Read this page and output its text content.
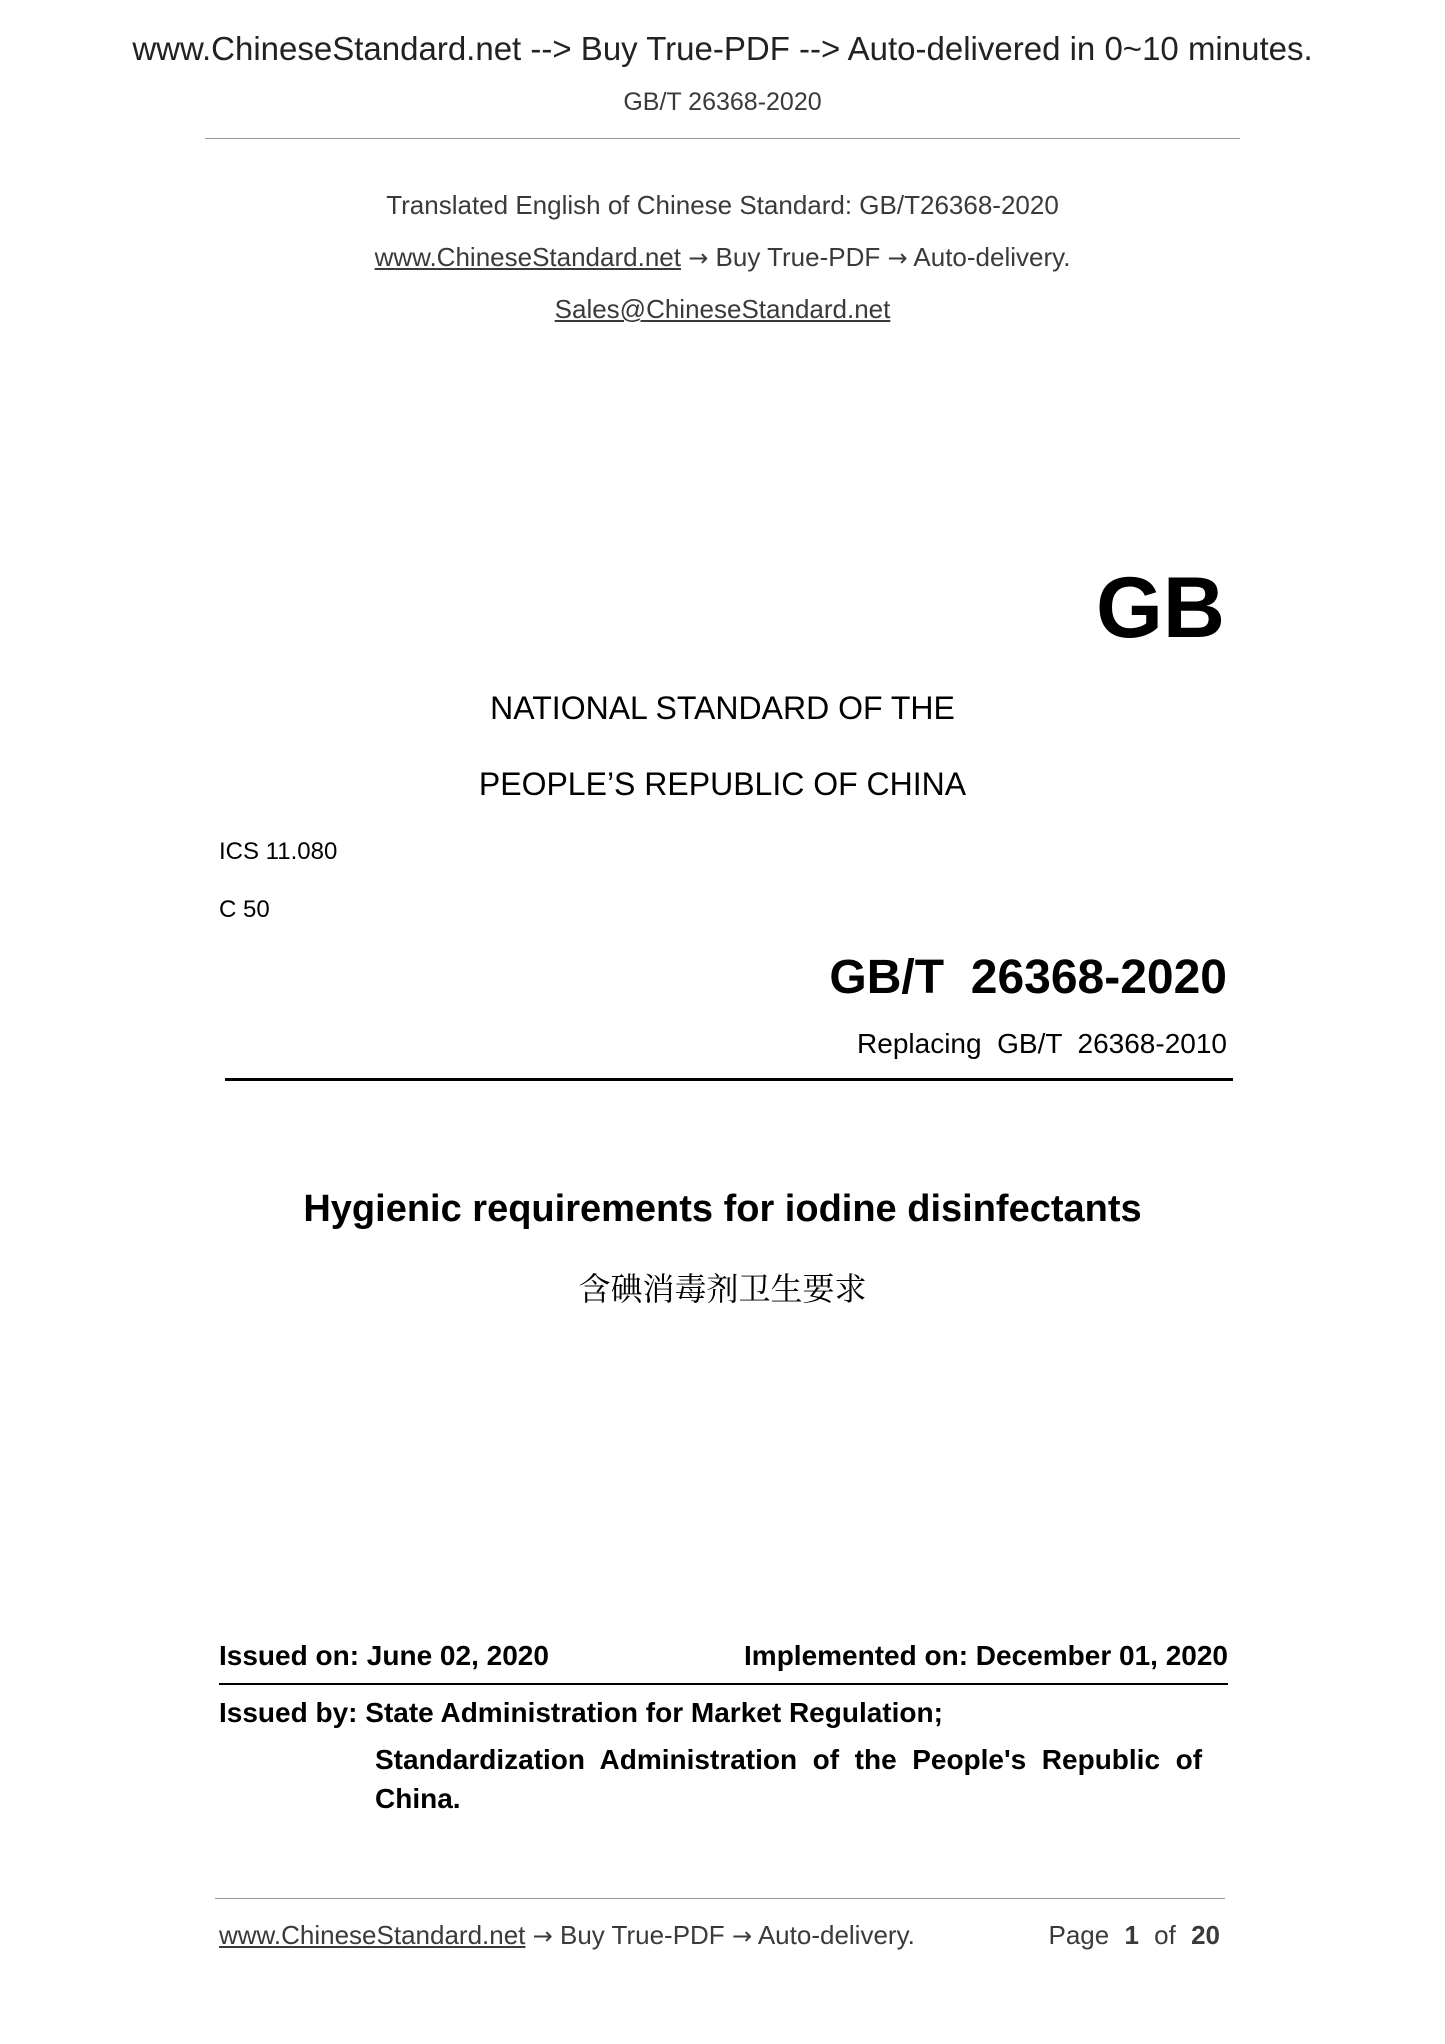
www.ChineseStandard.net --> Buy True-PDF --> Auto-delivered in 0~10 minutes.
GB/T 26368-2020
Translated English of Chinese Standard: GB/T26368-2020
www.ChineseStandard.net → Buy True-PDF → Auto-delivery.
Sales@ChineseStandard.net
GB
NATIONAL STANDARD OF THE
PEOPLE’S REPUBLIC OF CHINA
ICS 11.080
C 50
GB/T  26368-2020
Replacing  GB/T  26368-2010
Hygienic requirements for iodine disinfectants
含碘消毒剂卫生要求
Issued on: June 02, 2020	Implemented on: December 01, 2020
Issued by: State Administration for Market Regulation;
Standardization  Administration  of  the  People's  Republic  of
China.
www.ChineseStandard.net → Buy True-PDF → Auto-delivery.	Page 1 of 20
